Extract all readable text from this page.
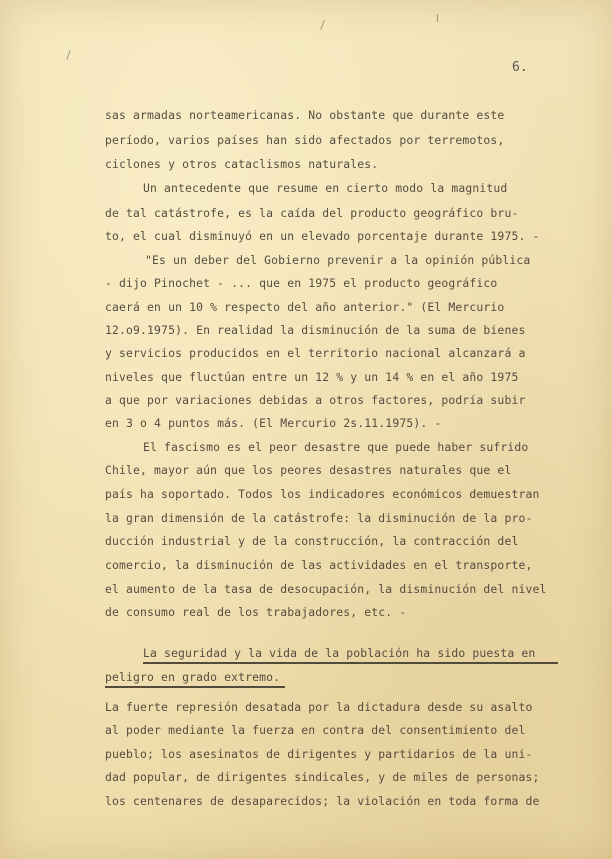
6.
sas armadas norteamericanas. No obstante que durante este
período, varios países han sido afectados por terremotos,
ciclones y otros cataclismos naturales.
Un antecedente que resume en cierto modo la magnitud
de tal catástrofe, es la caída del producto geográfico bru-
to, el cual disminuyó en un elevado porcentaje durante 1975. -
"Es un deber del Gobierno prevenir a la opinión pública
- dijo Pinochet - ... que en 1975 el producto geográfico
caerá en un 10 % respecto del año anterior." (El Mercurio
12.o9.1975). En realidad la disminución de la suma de bienes
y servicios producidos en el territorio nacional alcanzará a
niveles que fluctúan entre un 12 % y un 14 % en el año 1975
a que por variaciones debidas a otros factores, podría subir
en 3 o 4 puntos más. (El Mercurio 2s.11.1975). -
El fascismo es el peor desastre que puede haber sufrido
Chile, mayor aún que los peores desastres naturales que el
país ha soportado. Todos los indicadores económicos demuestran
la gran dimensión de la catástrofe: la disminución de la pro-
ducción industrial y de la construcción, la contracción del
comercio, la disminución de las actividades en el transporte,
el aumento de la tasa de desocupación, la disminución del nivel
de consumo real de los trabajadores, etc. -
La seguridad y la vida de la población ha sido puesta en
peligro en grado extremo.
La fuerte represión desatada por la dictadura desde su asalto
al poder mediante la fuerza en contra del consentimiento del
pueblo; los asesinatos de dirigentes y partidarios de la uni-
dad popular, de dirigentes sindicales, y de miles de personas;
los centenares de desaparecidos; la violación en toda forma de
